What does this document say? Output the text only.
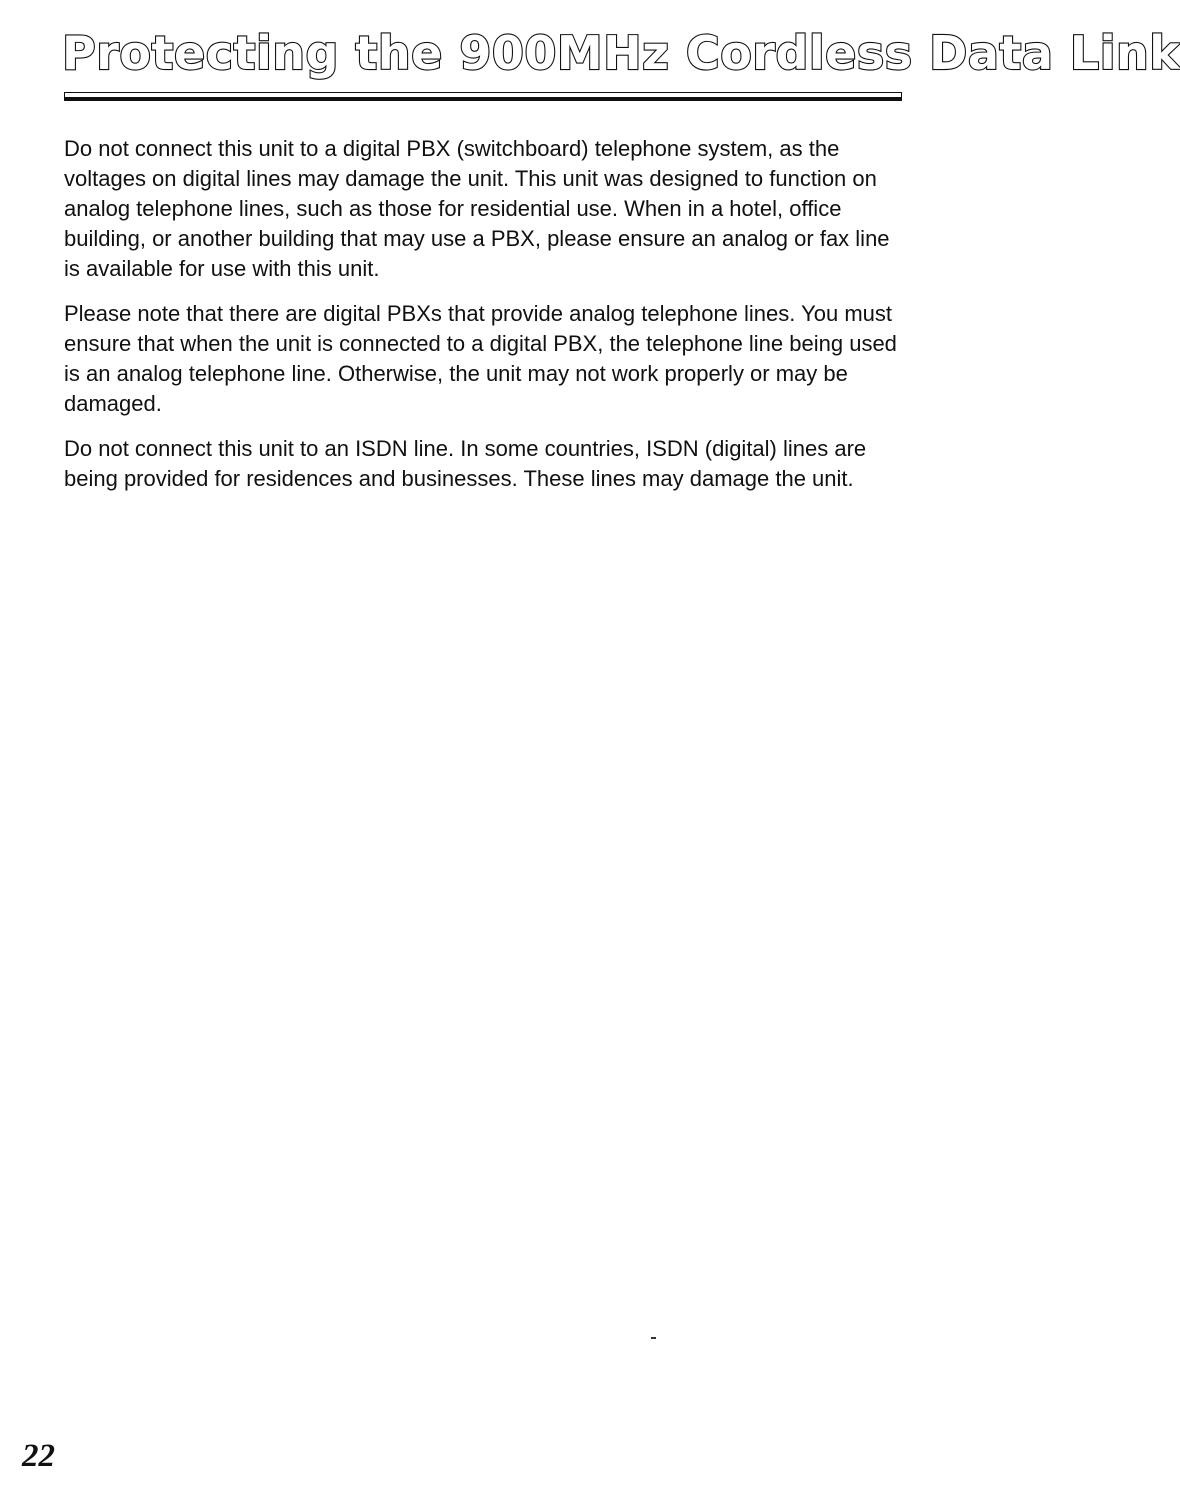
Protecting the 900MHz Cordless Data Link

Do not connect this unit to a digital PBX (switchboard) telephone system, as the voltages on digital lines may damage the unit. This unit was designed to function on analog telephone lines, such as those for residential use. When in a hotel, office building, or another building that may use a PBX, please ensure an analog or fax line is available for use with this unit.

Please note that there are digital PBXs that provide analog telephone lines. You must ensure that when the unit is connected to a digital PBX, the telephone line being used is an analog telephone line. Otherwise, the unit may not work properly or may be damaged.

Do not connect this unit to an ISDN line. In some countries, ISDN (digital) lines are being provided for residences and businesses. These lines may damage the unit.

22
